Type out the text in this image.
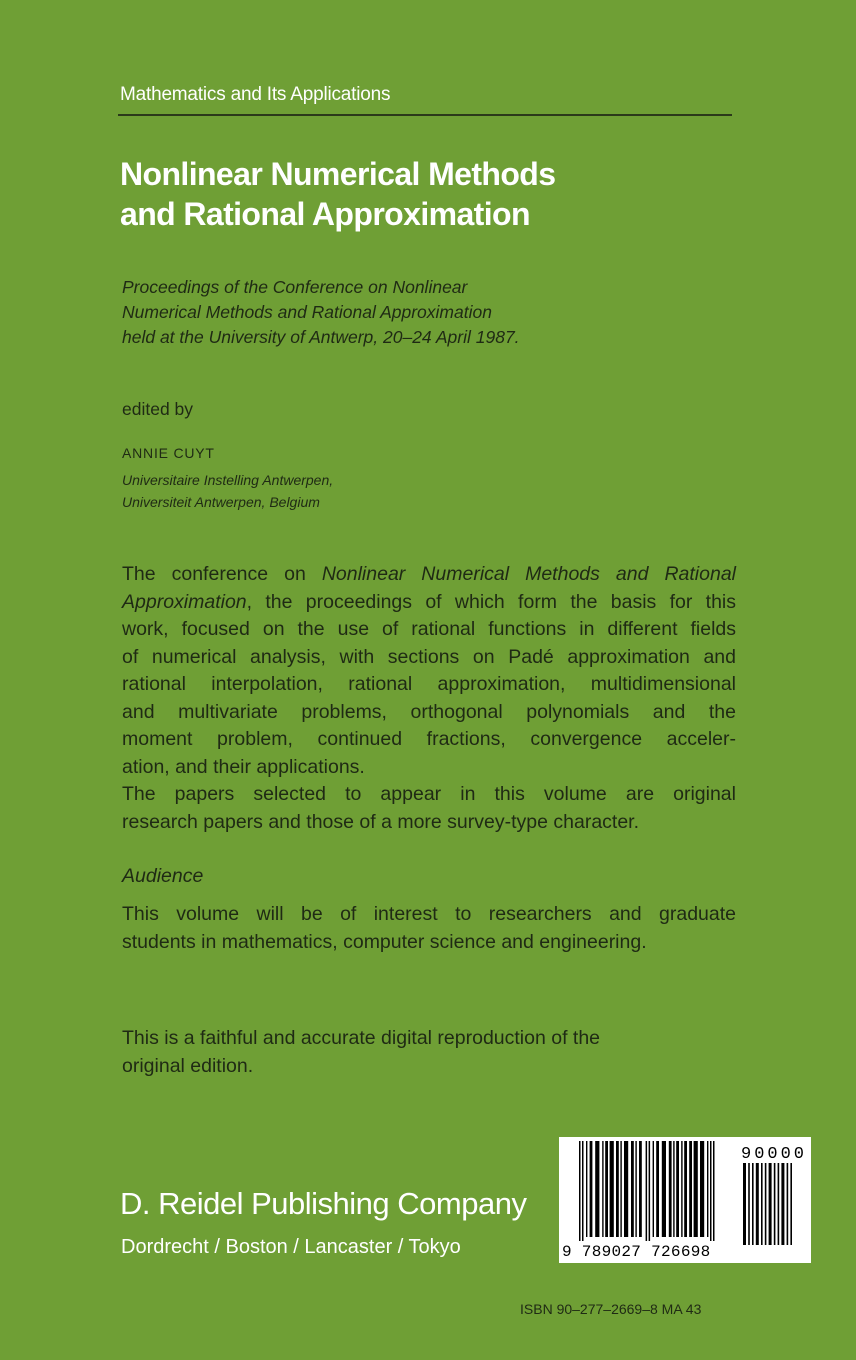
Mathematics and Its Applications
Nonlinear Numerical Methods
and Rational Approximation
Proceedings of the Conference on Nonlinear
Numerical Methods and Rational Approximation
held at the University of Antwerp, 20–24 April 1987.
edited by
ANNIE CUYT
Universitaire Instelling Antwerpen,
Universiteit Antwerpen, Belgium
The conference on Nonlinear Numerical Methods and Rational
Approximation, the proceedings of which form the basis for this
work, focused on the use of rational functions in different fields
of numerical analysis, with sections on Padé approximation and
rational interpolation, rational approximation, multidimensional
and multivariate problems, orthogonal polynomials and the
moment problem, continued fractions, convergence acceler-
ation, and their applications.
The papers selected to appear in this volume are original
research papers and those of a more survey-type character.
Audience
This volume will be of interest to researchers and graduate
students in mathematics, computer science and engineering.
This is a faithful and accurate digital reproduction of the
original edition.
D. Reidel Publishing Company
Dordrecht / Boston / Lancaster / Tokyo
90000
9 789027 726698
ISBN 90–277–2669–8 MA 43
